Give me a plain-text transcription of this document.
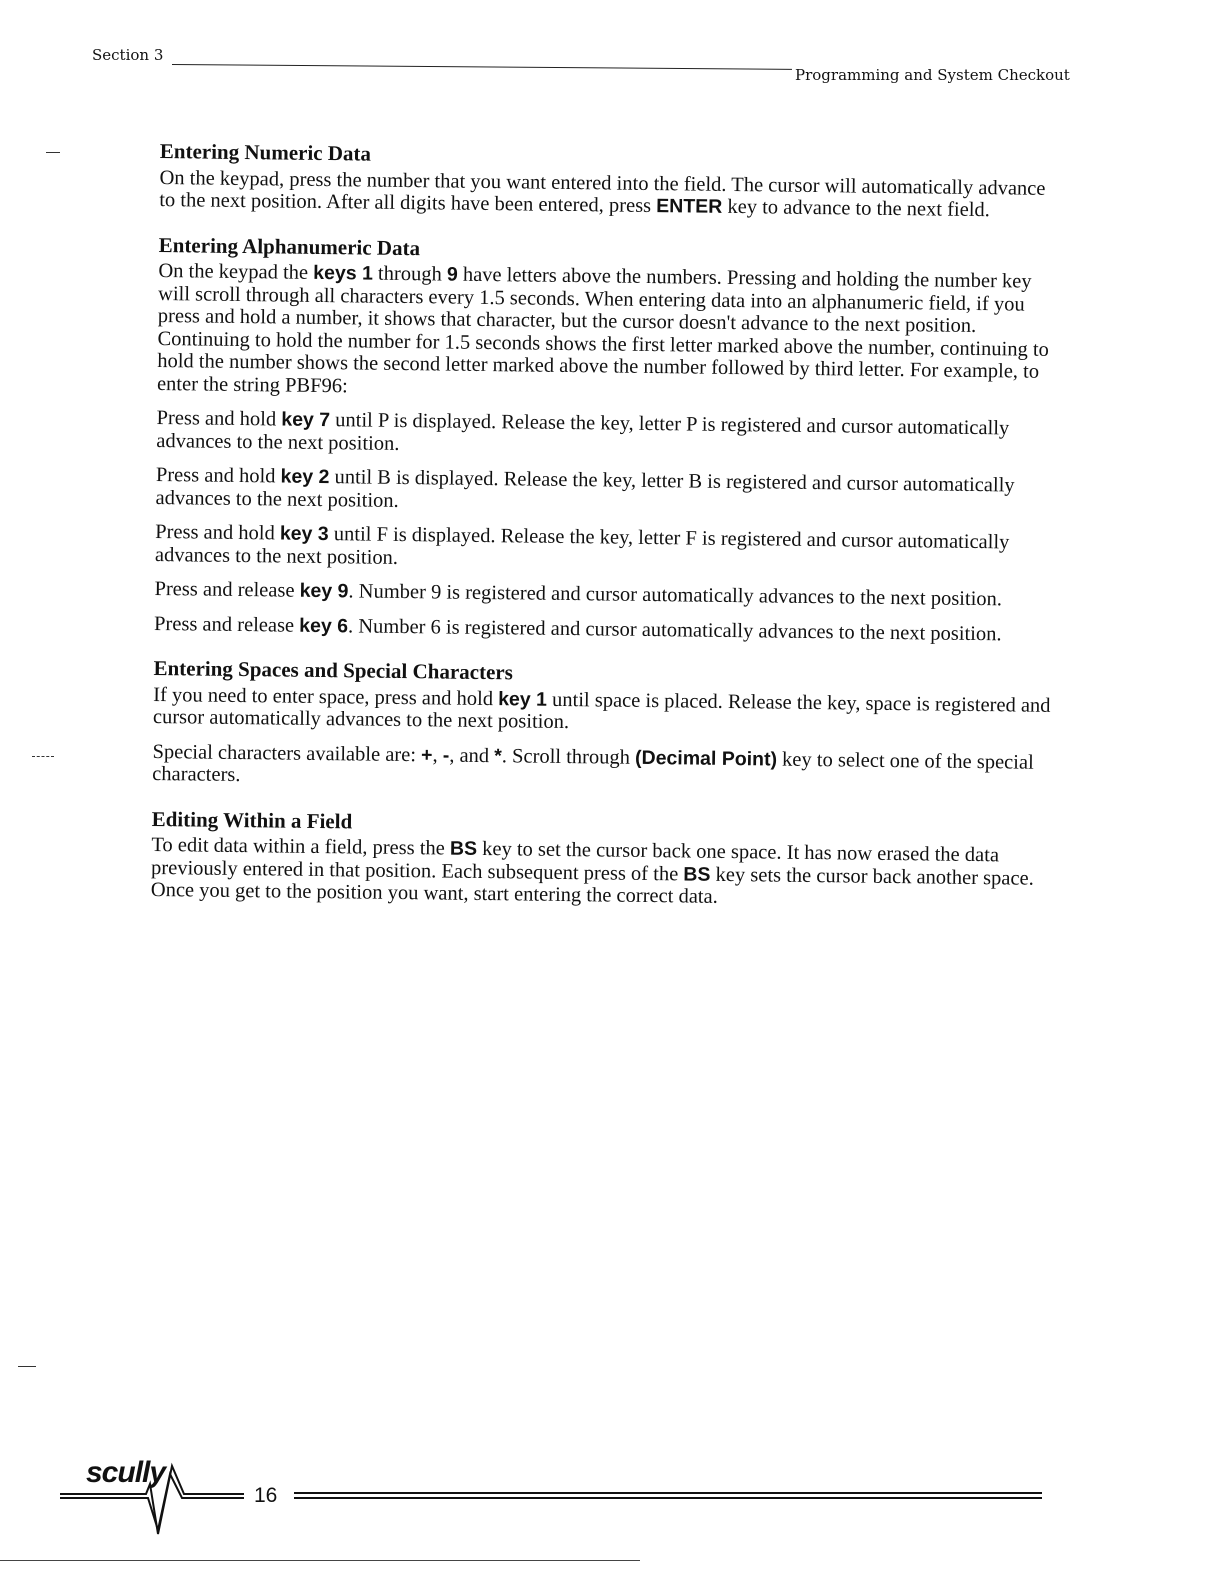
Section 3
Programming and System Checkout
Entering Numeric Data

On the keypad, press the number that you want entered into the field. The cursor will automatically advance to the next position. After all digits have been entered, press ENTER key to advance to the next field.

Entering Alphanumeric Data

On the keypad the keys 1 through 9 have letters above the numbers. Pressing and holding the number key will scroll through all characters every 1.5 seconds. When entering data into an alphanumeric field, if you press and hold a number, it shows that character, but the cursor doesn't advance to the next position. Continuing to hold the number for 1.5 seconds shows the first letter marked above the number, continuing to hold the number shows the second letter marked above the number followed by third letter. For example, to enter the string PBF96:

Press and hold key 7 until P is displayed. Release the key, letter P is registered and cursor automatically advances to the next position.

Press and hold key 2 until B is displayed. Release the key, letter B is registered and cursor automatically advances to the next position.

Press and hold key 3 until F is displayed. Release the key, letter F is registered and cursor automatically advances to the next position.

Press and release key 9. Number 9 is registered and cursor automatically advances to the next position.

Press and release key 6. Number 6 is registered and cursor automatically advances to the next position.

Entering Spaces and Special Characters

If you need to enter space, press and hold key 1 until space is placed. Release the key, space is registered and cursor automatically advances to the next position.

Special characters available are: +, -, and *. Scroll through (Decimal Point) key to select one of the special characters.

Editing Within a Field

To edit data within a field, press the BS key to set the cursor back one space. It has now erased the data previously entered in that position. Each subsequent press of the BS key sets the cursor back another space. Once you get to the position you want, start entering the correct data.

scully
16
